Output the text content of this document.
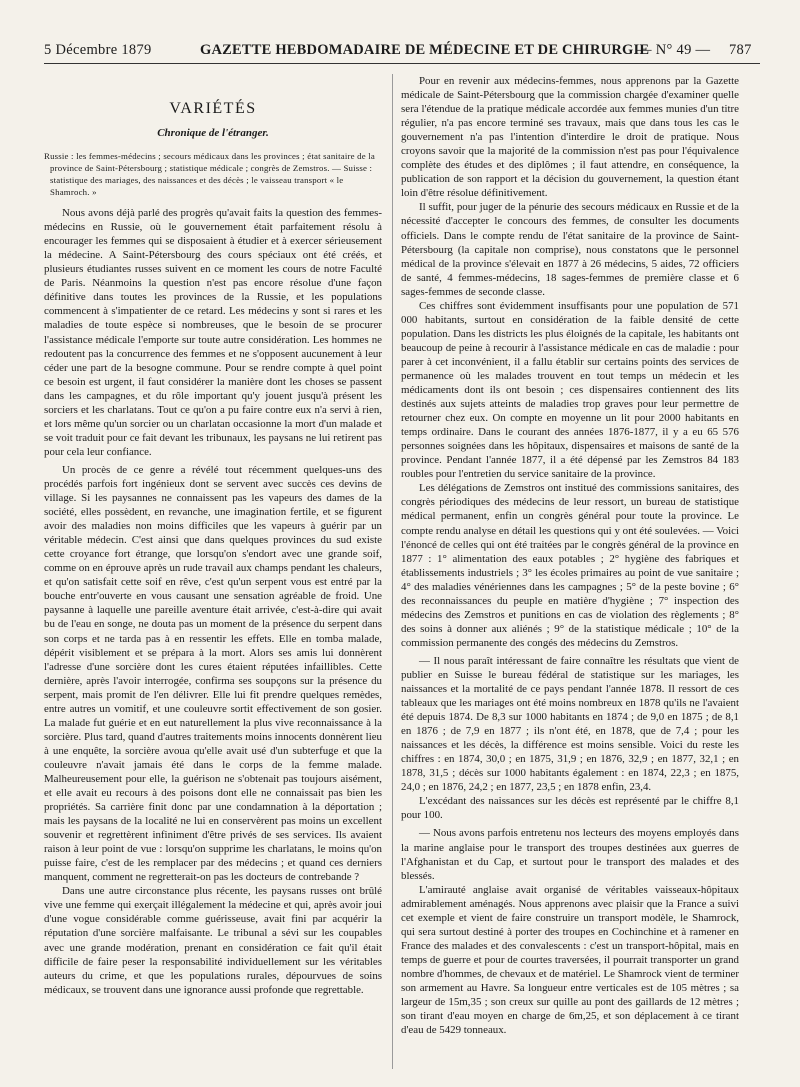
5 Décembre 1879	GAZETTE HEBDOMADAIRE DE MÉDECINE ET DE CHIRURGIE
— N° 49 — 787
VARIÉTÉS
Chronique de l'étranger.
Russie : les femmes-médecins ; secours médicaux dans les provinces ; état sanitaire de la province de Saint-Pétersbourg ; statistique médicale ; congrès de Zemstros. — Suisse : statistique des mariages, des naissances et des décès ; le vaisseau transport « le Shamroch. »

Nous avons déjà parlé des progrès qu'avait faits la question des femmes-médecins en Russie, où le gouvernement était parfaitement résolu à encourager les femmes qui se disposaient à étudier et à exercer sérieusement la médecine. A Saint-Pétersbourg des cours spéciaux ont été créés, et plusieurs étudiantes russes suivent en ce moment les cours de notre Faculté de Paris. Néanmoins la question n'est pas encore résolue d'une façon définitive dans toutes les provinces de la Russie, et les populations commencent à s'impatienter de ce retard. Les médecins y sont si rares et les maladies de toute espèce si nombreuses, que le besoin de se procurer l'assistance médicale l'emporte sur toute autre considération. Les hommes ne redoutent pas la concurrence des femmes et ne s'opposent aucunement à leur céder une part de la besogne commune. Pour se rendre compte à quel point ce besoin est urgent, il faut considérer la manière dont les choses se passent dans les campagnes, et du rôle important qu'y jouent jusqu'à présent les sorciers et les charlatans. Tout ce qu'on a pu faire contre eux n'a servi à rien, et lors même qu'un sorcier ou un charlatan occasionne la mort d'un malade et se voit traduit pour ce fait devant les tribunaux, les paysans ne lui retirent pas pour cela leur confiance.

Un procès de ce genre a révélé tout récemment quelques-uns des procédés parfois fort ingénieux dont se servent avec succès ces devins de village. Si les paysannes ne connaissent pas les vapeurs des dames de la société, elles possèdent, en revanche, une imagination fertile, et se figurent avoir des maladies non moins difficiles que les vapeurs à guérir par un véritable médecin. C'est ainsi que dans quelques provinces du sud existe cette croyance fort étrange, que lorsqu'on s'endort avec une grande soif, comme on en éprouve après un rude travail aux champs pendant les chaleurs, et qu'on satisfait cette soif en rêve, c'est qu'un serpent vous est entré par la bouche entr'ouverte en vous causant une sensation agréable de froid. Une paysanne à laquelle une pareille aventure était arrivée, c'est-à-dire qui avait bu de l'eau en songe, ne douta pas un moment de la présence du serpent dans son corps et ne tarda pas à en ressentir les effets. Elle en tomba malade, dépérit visiblement et se prépara à la mort. Alors ses amis lui donnèrent l'adresse d'une sorcière dont les cures étaient réputées infaillibles. Cette dernière, après l'avoir interrogée, confirma ses soupçons sur la présence du serpent, mais promit de l'en délivrer. Elle lui fit prendre quelques remèdes, entre autres un vomitif, et une couleuvre sortit effectivement de son gosier. La malade fut guérie et en eut naturellement la plus vive reconnaissance à la sorcière. Plus tard, quand d'autres traitements moins innocents donnèrent lieu à une enquête, la sorcière avoua qu'elle avait usé d'un subterfuge et que la couleuvre n'avait jamais été dans le corps de la femme malade. Malheureusement pour elle, la guérison ne s'obtenait pas toujours aisément, et elle avait eu recours à des poisons dont elle ne connaissait pas bien les propriétés. Sa carrière finit donc par une condamnation à la déportation ; mais les paysans de la localité ne lui en conservèrent pas moins un excellent souvenir et regrettèrent infiniment d'être privés de ses services. Ils avaient raison à leur point de vue : lorsqu'on supprime les charlatans, le moins qu'on puisse faire, c'est de les remplacer par des médecins ; et quand ces derniers manquent, comment ne regretterait-on pas les docteurs de contrebande ?

Dans une autre circonstance plus récente, les paysans russes ont brûlé vive une femme qui exerçait illégalement la médecine et qui, après avoir joui d'une vogue considérable comme guérisseuse, avait fini par acquérir la réputation d'une sorcière malfaisante. Le tribunal a sévi sur les coupables avec une grande modération, prenant en considération ce fait qu'il était difficile de faire peser la responsabilité individuellement sur les véritables auteurs du crime, et que les populations rurales, dépourvues de soins médicaux, se trouvent dans une ignorance aussi profonde que regrettable.

Pour en revenir aux médecins-femmes, nous apprenons par la Gazette médicale de Saint-Pétersbourg que la commission chargée d'examiner quelle sera l'étendue de la pratique médicale accordée aux femmes munies d'un titre régulier, n'a pas encore terminé ses travaux, mais que dans tous les cas le gouvernement n'a pas l'intention d'interdire le droit de pratique. Nous croyons savoir que la majorité de la commission n'est pas pour l'équivalence complète des études et des diplômes ; il faut attendre, en conséquence, la publication de son rapport et la décision du gouvernement, la question étant loin d'être résolue définitivement.

Il suffit, pour juger de la pénurie des secours médicaux en Russie et de la nécessité d'accepter le concours des femmes, de consulter les documents officiels. Dans le compte rendu de l'état sanitaire de la province de Saint-Pétersbourg (la capitale non comprise), nous constatons que le personnel médical de la province s'élevait en 1877 à 26 médecins, 5 aides, 72 officiers de santé, 4 femmes-médecins, 18 sages-femmes de première classe et 6 sages-femmes de seconde classe.

Ces chiffres sont évidemment insuffisants pour une population de 571 000 habitants, surtout en considération de la faible densité de cette population. Dans les districts les plus éloignés de la capitale, les habitants ont beaucoup de peine à recourir à l'assistance médicale en cas de maladie : pour parer à cet inconvénient, il a fallu établir sur certains points des services de permanence où les malades trouvent en tout temps un médecin et les médicaments dont ils ont besoin ; ces dispensaires contiennent des lits destinés aux sujets atteints de maladies trop graves pour leur permettre de retourner chez eux. On compte en moyenne un lit pour 2000 habitants en temps ordinaire. Dans le courant des années 1876-1877, il y a eu 65 576 personnes soignées dans les hôpitaux, dispensaires et maisons de santé de la province. Pendant l'année 1877, il a été dépensé par les Zemstros 84 183 roubles pour l'entretien du service sanitaire de la province.

Les délégations de Zemstros ont institué des commissions sanitaires, des congrès périodiques des médecins de leur ressort, un bureau de statistique médical permanent, enfin un congrès général pour toute la province. Le compte rendu analyse en détail les questions qui y ont été soulevées. — Voici l'énoncé de celles qui ont été traitées par le congrès général de la province en 1877 : 1° alimentation des eaux potables ; 2° hygiène des fabriques et établissements industriels ; 3° les écoles primaires au point de vue sanitaire ; 4° des maladies vénériennes dans les campagnes ; 5° de la peste bovine ; 6° des reconnaissances du peuple en matière d'hygiène ; 7° inspection des médecins des Zemstros et punitions en cas de violation des règlements ; 8° des soins à donner aux aliénés ; 9° de la statistique médicale ; 10° de la commission permanente des congés des médecins du Zemstros.

— Il nous paraît intéressant de faire connaître les résultats que vient de publier en Suisse le bureau fédéral de statistique sur les mariages, les naissances et la mortalité de ce pays pendant l'année 1878. Il ressort de ces tableaux que les mariages ont été moins nombreux en 1878 qu'ils ne l'avaient été depuis 1874. De 8,3 sur 1000 habitants en 1874 ; de 9,0 en 1875 ; de 8,1 en 1876 ; de 7,9 en 1877 ; ils n'ont été, en 1878, que de 7,4 ; pour les naissances et les décès, la différence est moins sensible. Voici du reste les chiffres : en 1874, 30,0 ; en 1875, 31,9 ; en 1876, 32,9 ; en 1877, 32,1 ; en 1878, 31,5 ; décès sur 1000 habitants également : en 1874, 22,3 ; en 1875, 24,0 ; en 1876, 24,2 ; en 1877, 23,5 ; en 1878 enfin, 23,4.

L'excédant des naissances sur les décès est représenté par le chiffre 8,1 pour 100.

— Nous avons parfois entretenu nos lecteurs des moyens employés dans la marine anglaise pour le transport des troupes destinées aux guerres de l'Afghanistan et du Cap, et surtout pour le transport des malades et des blessés.

L'amirauté anglaise avait organisé de véritables vaisseaux-hôpitaux admirablement aménagés. Nous apprenons avec plaisir que la France a suivi cet exemple et vient de faire construire un transport modèle, le Shamrock, qui sera surtout destiné à porter des troupes en Cochinchine et à ramener en France des malades et des convalescents : c'est un transport-hôpital, mais en temps de guerre et pour de courtes traversées, il pourrait transporter un grand nombre d'hommes, de chevaux et de matériel. Le Shamrock vient de terminer son armement au Havre. Sa longueur entre verticales est de 105 mètres ; sa largeur de 15m,35 ; son creux sur quille au pont des gaillards de 12 mètres ; son tirant d'eau moyen en charge de 6m,25, et son déplacement à ce tirant d'eau de 5429 tonneaux.
